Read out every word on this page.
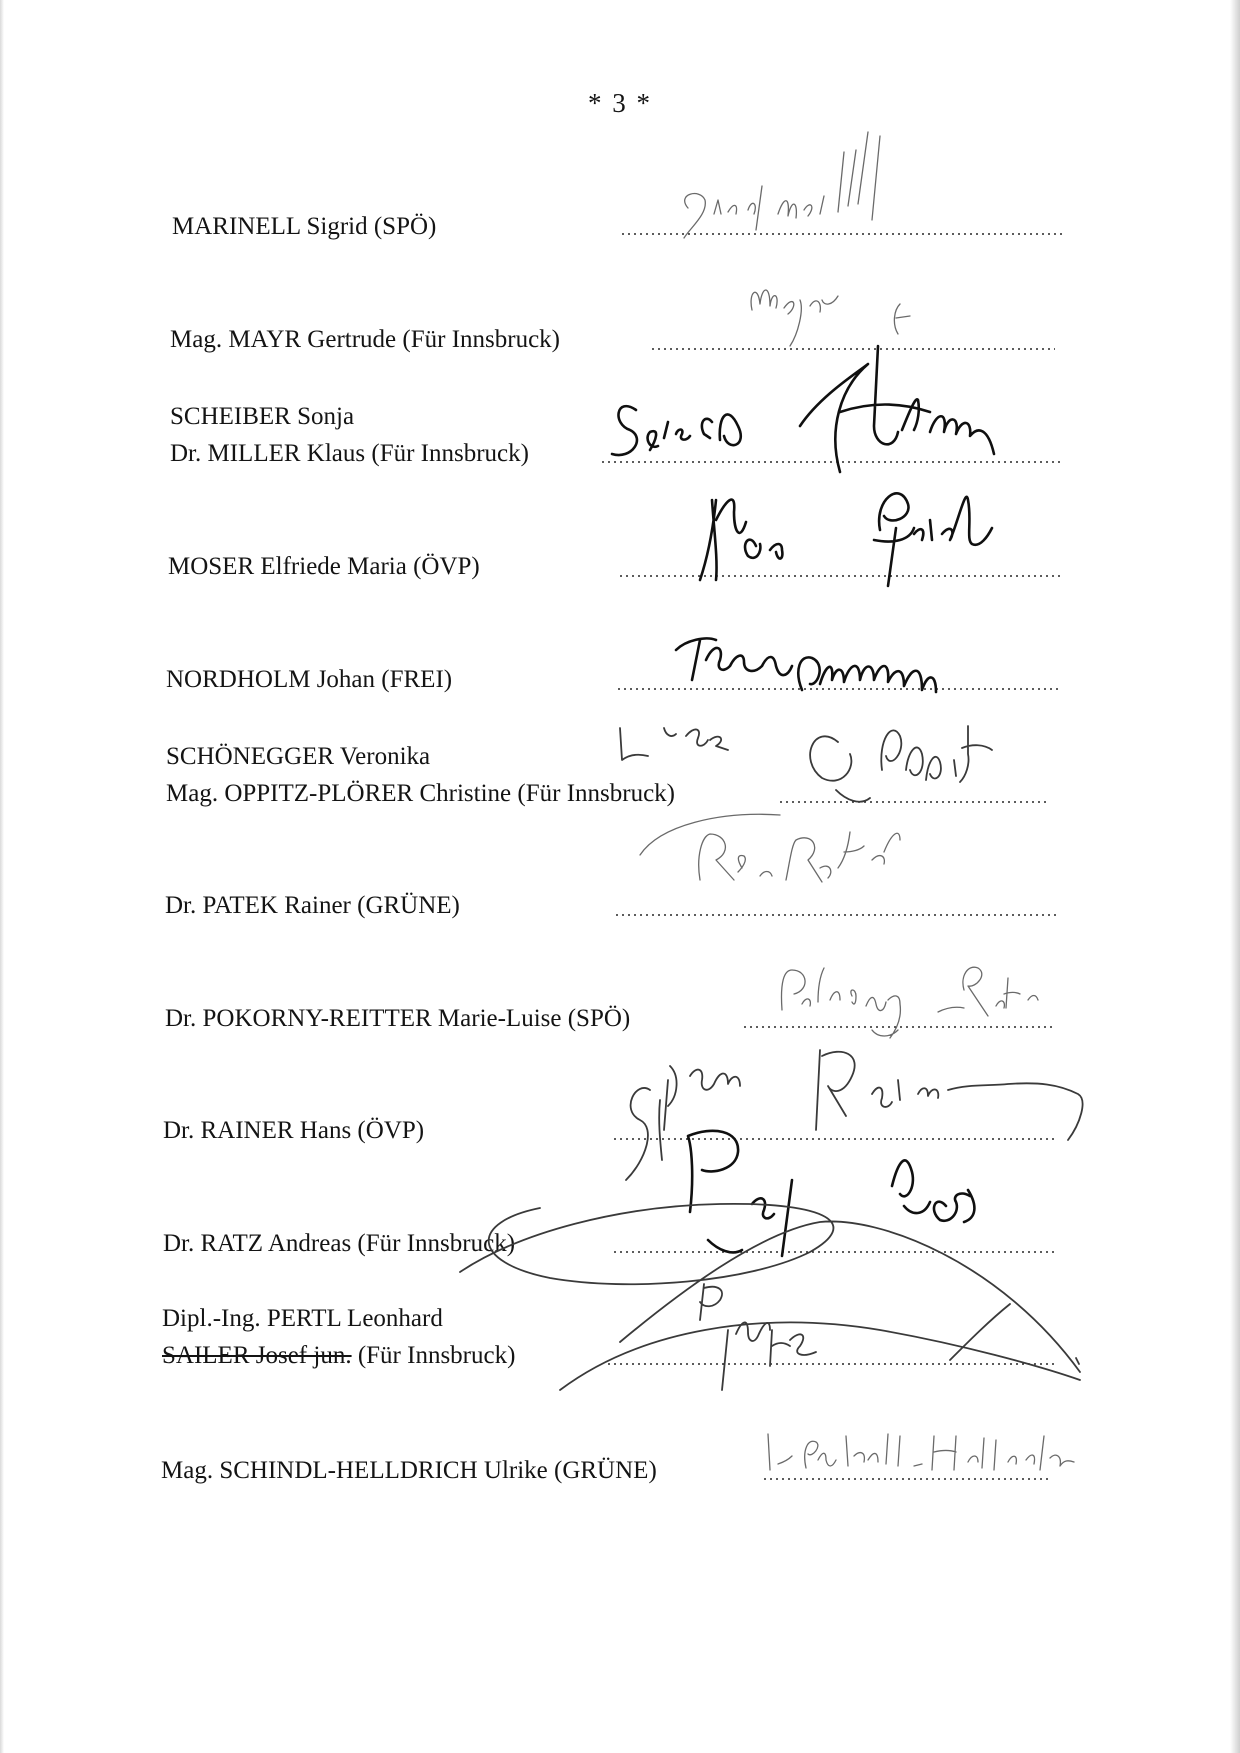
* 3 *
MARINELL Sigrid (SPÖ)
Mag. MAYR Gertrude (Für Innsbruck)
SCHEIBER Sonja
Dr. MILLER Klaus (Für Innsbruck)
MOSER Elfriede Maria (ÖVP)
NORDHOLM Johan (FREI)
SCHÖNEGGER Veronika
Mag. OPPITZ-PLÖRER Christine (Für Innsbruck)
Dr. PATEK Rainer (GRÜNE)
Dr. POKORNY-REITTER Marie-Luise (SPÖ)
Dr. RAINER Hans (ÖVP)
Dr. RATZ Andreas (Für Innsbruck)
Dipl.-Ing. PERTL Leonhard
SAILER Josef jun. (Für Innsbruck)
Mag. SCHINDL-HELLDRICH Ulrike (GRÜNE)
